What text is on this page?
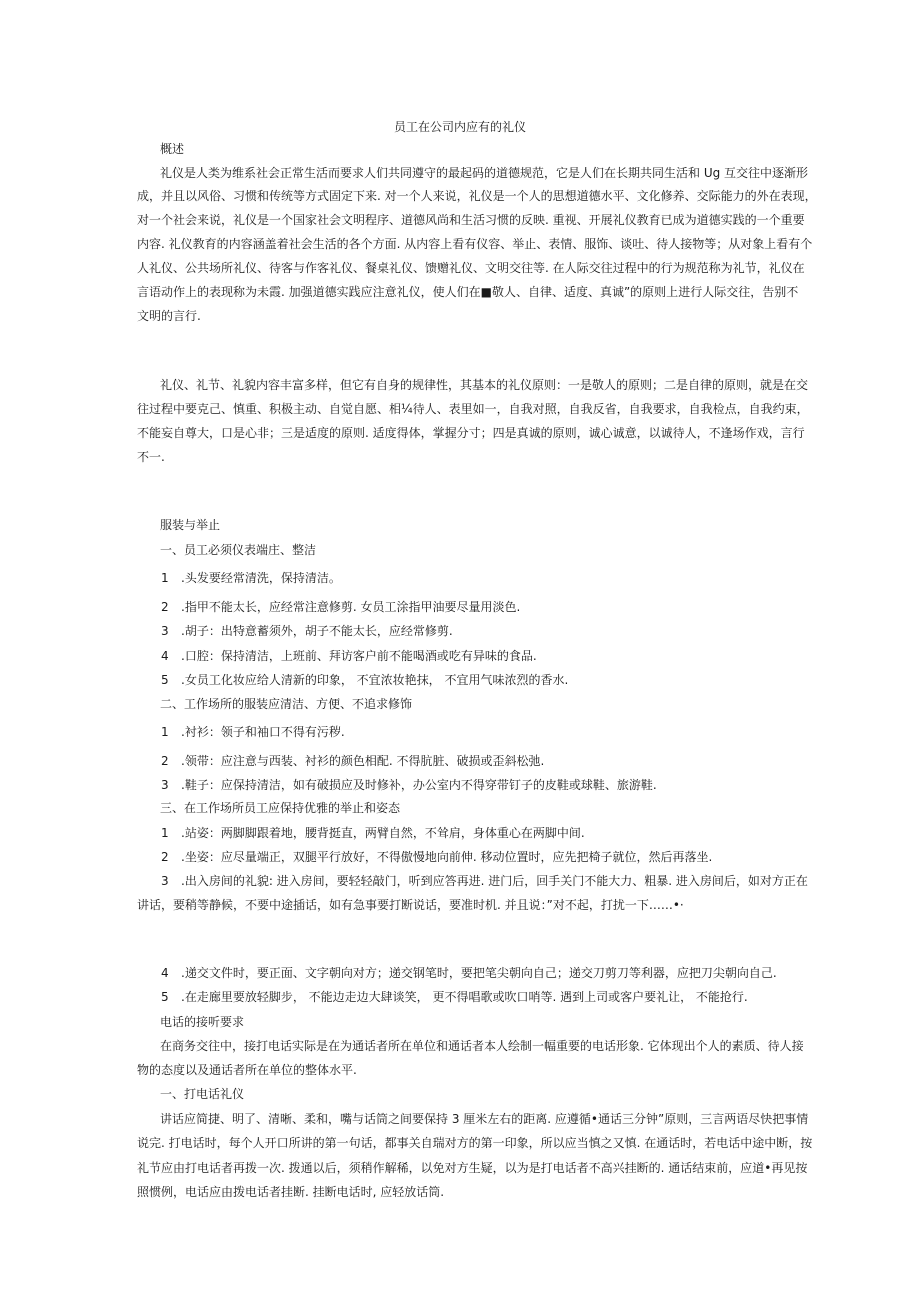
员工在公司内应有的礼仪
概述
礼仪是人类为维系社会正常生活而要求人们共同遵守的最起码的道德规范，它是人们在长期共同生活和 Ug 互交往中逐渐形
成，并且以风俗、习惯和传统等方式固定下来. 对一个人来说，礼仪是一个人的思想道德水平、文化修养、交际能力的外在表现，
对一个社会来说，礼仪是一个国家社会文明程序、道德风尚和生活习惯的反映. 重视、开展礼仪教育已成为道德实践的一个重要
内容. 礼仪教育的内容涵盖着社会生活的各个方面. 从内容上看有仪容、举止、表情、服饰、谈吐、待人接物等；从对象上看有个
人礼仪、公共场所礼仪、待客与作客礼仪、餐桌礼仪、馈赠礼仪、文明交往等. 在人际交往过程中的行为规范称为礼节，礼仪在
言语动作上的表现称为未霞. 加强道德实践应注意礼仪，使人们在■敬人、自律、适度、真诚”的原则上进行人际交往，告别不
文明的言行.
礼仪、礼节、礼貌内容丰富多样，但它有自身的规律性，其基本的礼仪原则：一是敬人的原则；二是自律的原则，就是在交
往过程中要克己、慎重、积极主动、自觉自愿、相¼待人、表里如一，自我对照，自我反省，自我要求，自我检点，自我约束，
不能妄自尊大，口是心非；三是适度的原则. 适度得体，掌握分寸；四是真诚的原则，诚心诚意，以诚待人，不逢场作戏，言行
不一.
服装与举止
一、员工必须仪表端庄、整洁
1 .头发要经常清洗，保持清洁。
2 .指甲不能太长，应经常注意修剪. 女员工涂指甲油要尽量用淡色.
3 .胡子：出特意蓄须外，胡子不能太长，应经常修剪.
4 .口腔：保持清洁，上班前、拜访客户前不能喝酒或吃有异味的食品.
5 .女员工化妆应给人清新的印象， 不宜浓妆艳抹， 不宜用气味浓烈的香水.
二、工作场所的服装应清洁、方便、不追求修饰
1 .衬衫：领子和袖口不得有污秽.
2 .领带：应注意与西装、衬衫的颜色相配. 不得肮脏、破损或歪斜松弛.
3 .鞋子：应保持清洁，如有破损应及时修补，办公室内不得穿带钉子的皮鞋或球鞋、旅游鞋.
三、在工作场所员工应保持优雅的举止和姿态
1 .站姿：两脚脚跟着地，腰背挺直，两臂自然，不耸肩，身体重心在两脚中间.
2 .坐姿：应尽量端正，双腿平行放好，不得傲慢地向前伸. 移动位置时，应先把椅子就位，然后再落坐.
3 .出入房间的礼貌: 进入房间，要轻轻敲门，听到应答再进. 进门后，回手关门不能大力、粗暴. 进入房间后，如对方正在
讲话，要稍等静候，不要中途插话，如有急事要打断说话，要准时机. 并且说：”对不起，打扰一下……•·
4 .递交文件时，要正面、文字朝向对方；递交钢笔时，要把笔尖朝向自己；递交刀剪刀等利器，应把刀尖朝向自己.
5 .在走廊里要放轻脚步， 不能边走边大肆谈笑， 更不得唱歌或吹口哨等. 遇到上司或客户要礼让， 不能抢行.
电话的接听要求
在商务交往中，接打电话实际是在为通话者所在单位和通话者本人绘制一幅重要的电话形象. 它体现出个人的素质、待人接
物的态度以及通话者所在单位的整体水平.
一、打电话礼仪
讲话应简捷、明了、清晰、柔和，嘴与话筒之间要保持 3 厘米左右的距离. 应遵循•通话三分钟”原则，三言两语尽快把事情
说完. 打电话时，每个人开口所讲的第一句话，都事关自瑞对方的第一印象，所以应当慎之又慎. 在通话时，若电话中途中断，按
礼节应由打电话者再拨一次. 拨通以后，须稍作解稀，以免对方生疑，以为是打电话者不高兴挂断的. 通话结束前，应道•再见按
照惯例，电话应由拨电话者挂断. 挂断电话时, 应轻放话筒.
